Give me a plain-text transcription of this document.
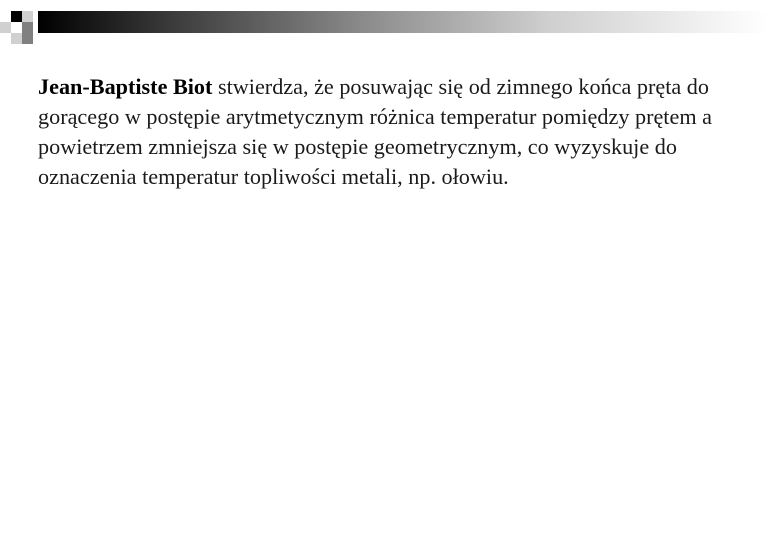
Jean-Baptiste Biot stwierdza, że posuwając się od zimnego końca pręta do gorącego w postępie arytmetycznym różnica temperatur pomiędzy prętem a powietrzem zmniejsza się w postępie geometrycznym, co wyzyskuje do oznaczenia temperatur topliwości metali, np. ołowiu.
